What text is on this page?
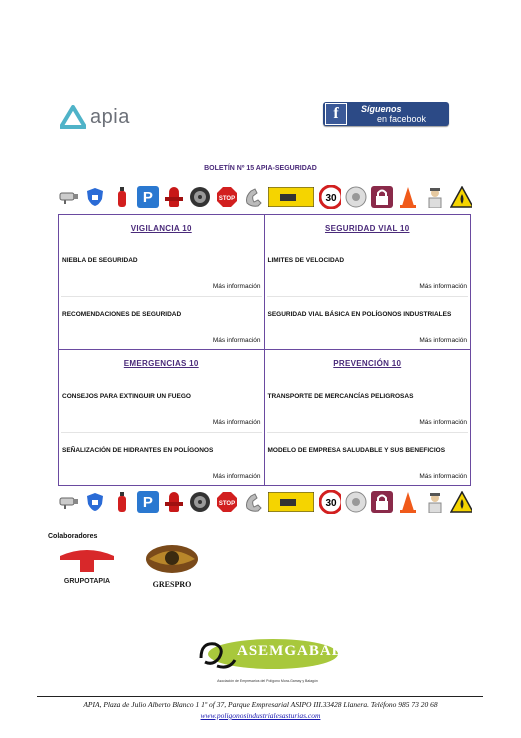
apia	f	Síguenos
en facebook
BOLETÍN Nº 15 APIA-SEGURIDAD
P	STOP	30
VIGILANCIA 10
NIEBLA DE SEGURIDAD
Más información
RECOMENDACIONES DE SEGURIDAD
Más información
SEGURIDAD VIAL 10
LIMITES DE VELOCIDAD
Más información
SEGURIDAD VIAL BÁSICA EN POLÍGONOS INDUSTRIALES
Más información
EMERGENCIAS 10
CONSEJOS PARA EXTINGUIR UN FUEGO
Más información
SEÑALIZACIÓN DE HIDRANTES EN POLÍGONOS
Más información
PREVENCIÓN 10
TRANSPORTE DE MERCANCÍAS PELIGROSAS
Más información
MODELO DE EMPRESA SALUDABLE Y SUS BENEFICIOS
Más información
P	STOP	30
Colaboradores
GRUPOTAPIA	GRESPRO
ASEMGABAL
Asociación de Empresarios del Polígono Mora-Gamay y Balagón
APIA, Plaza de Julio Alberto Blanco 1 1º of 37, Parque Empresarial ASIPO III.33428 Llanera. Teléfono 985 73 20 68
www.poligonosindustrialesasturias.com
